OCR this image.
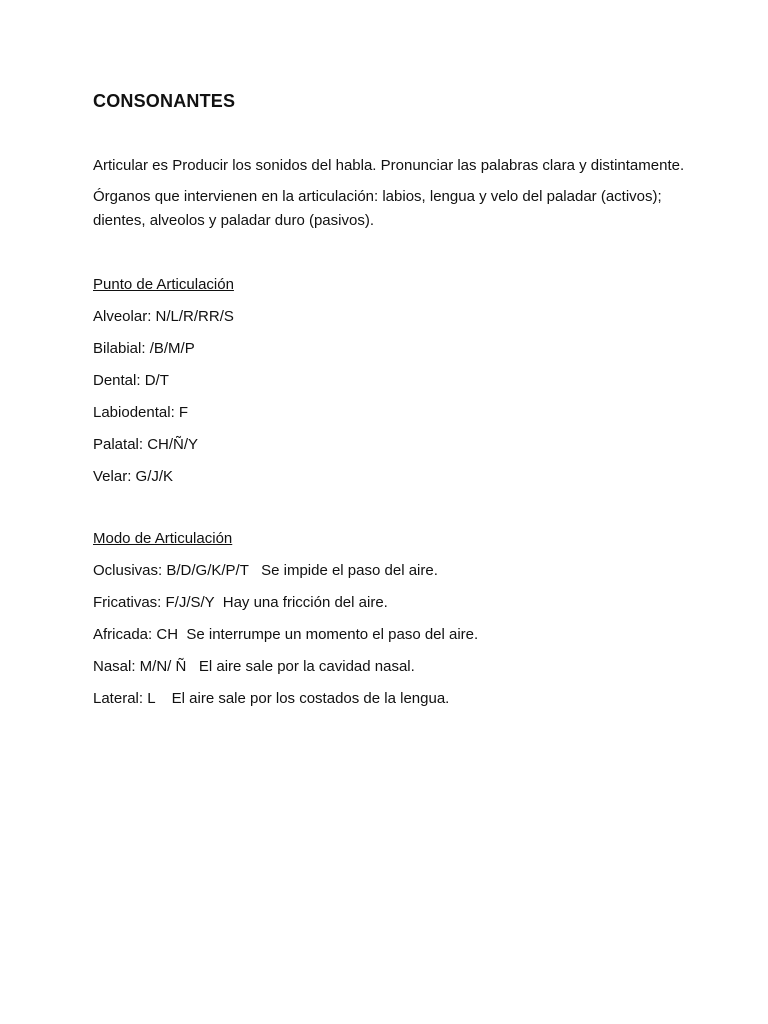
CONSONANTES

Articular es Producir los sonidos del habla. Pronunciar las palabras clara y distintamente.

Órganos que intervienen en la articulación: labios, lengua y velo del paladar (activos); dientes, alveolos y paladar duro (pasivos).

Punto de Articulación

Alveolar: N/L/R/RR/S
Bilabial: /B/M/P
Dental: D/T
Labiodental: F
Palatal: CH/Ñ/Y
Velar: G/J/K

Modo de Articulación

Oclusivas: B/D/G/K/P/T   Se impide el paso del aire.
Fricativas: F/J/S/Y  Hay una fricción del aire.
Africada: CH  Se interrumpe un momento el paso del aire.
Nasal: M/N/ Ñ   El aire sale por la cavidad nasal.
Lateral: L    El aire sale por los costados de la lengua.
